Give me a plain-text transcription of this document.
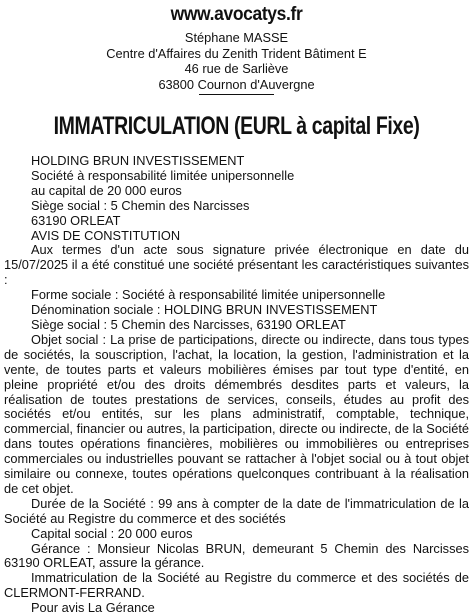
www.avocatys.fr
Stéphane MASSE
Centre d'Affaires du Zenith Trident Bâtiment E
46 rue de Sarliève
63800 Cournon d'Auvergne
IMMATRICULATION (EURL à capital Fixe)
HOLDING BRUN INVESTISSEMENT
Société à responsabilité limitée unipersonnelle
au capital de 20 000 euros
Siège social : 5 Chemin des Narcisses
63190 ORLEAT
AVIS DE CONSTITUTION

Aux termes d'un acte sous signature privée électronique en date du 15/07/2025 il a été constitué une société présentant les caractéristiques suivantes :

Forme sociale : Société à responsabilité limitée unipersonnelle
Dénomination sociale : HOLDING BRUN INVESTISSEMENT
Siège social : 5 Chemin des Narcisses, 63190 ORLEAT

Objet social : La prise de participations, directe ou indirecte, dans tous types de sociétés, la souscription, l'achat, la location, la gestion, l'administration et la vente, de toutes parts et valeurs mobilières émises par tout type d'entité, en pleine propriété et/ou des droits démembrés desdites parts et valeurs, la réalisation de toutes prestations de services, conseils, études au profit des sociétés et/ou entités, sur les plans administratif, comptable, technique, commercial, financier ou autres, la participation, directe ou indirecte, de la Société dans toutes opérations financières, mobilières ou immobilières ou entreprises commerciales ou industrielles pouvant se rattacher à l'objet social ou à tout objet similaire ou connexe, toutes opérations quelconques contribuant à la réalisation de cet objet.

Durée de la Société : 99 ans à compter de la date de l'immatriculation de la Société au Registre du commerce et des sociétés

Capital social : 20 000 euros

Gérance : Monsieur Nicolas BRUN, demeurant 5 Chemin des Narcisses 63190 ORLEAT, assure la gérance.

Immatriculation de la Société au Registre du commerce et des sociétés de CLERMONT-FERRAND.

Pour avis La Gérance
